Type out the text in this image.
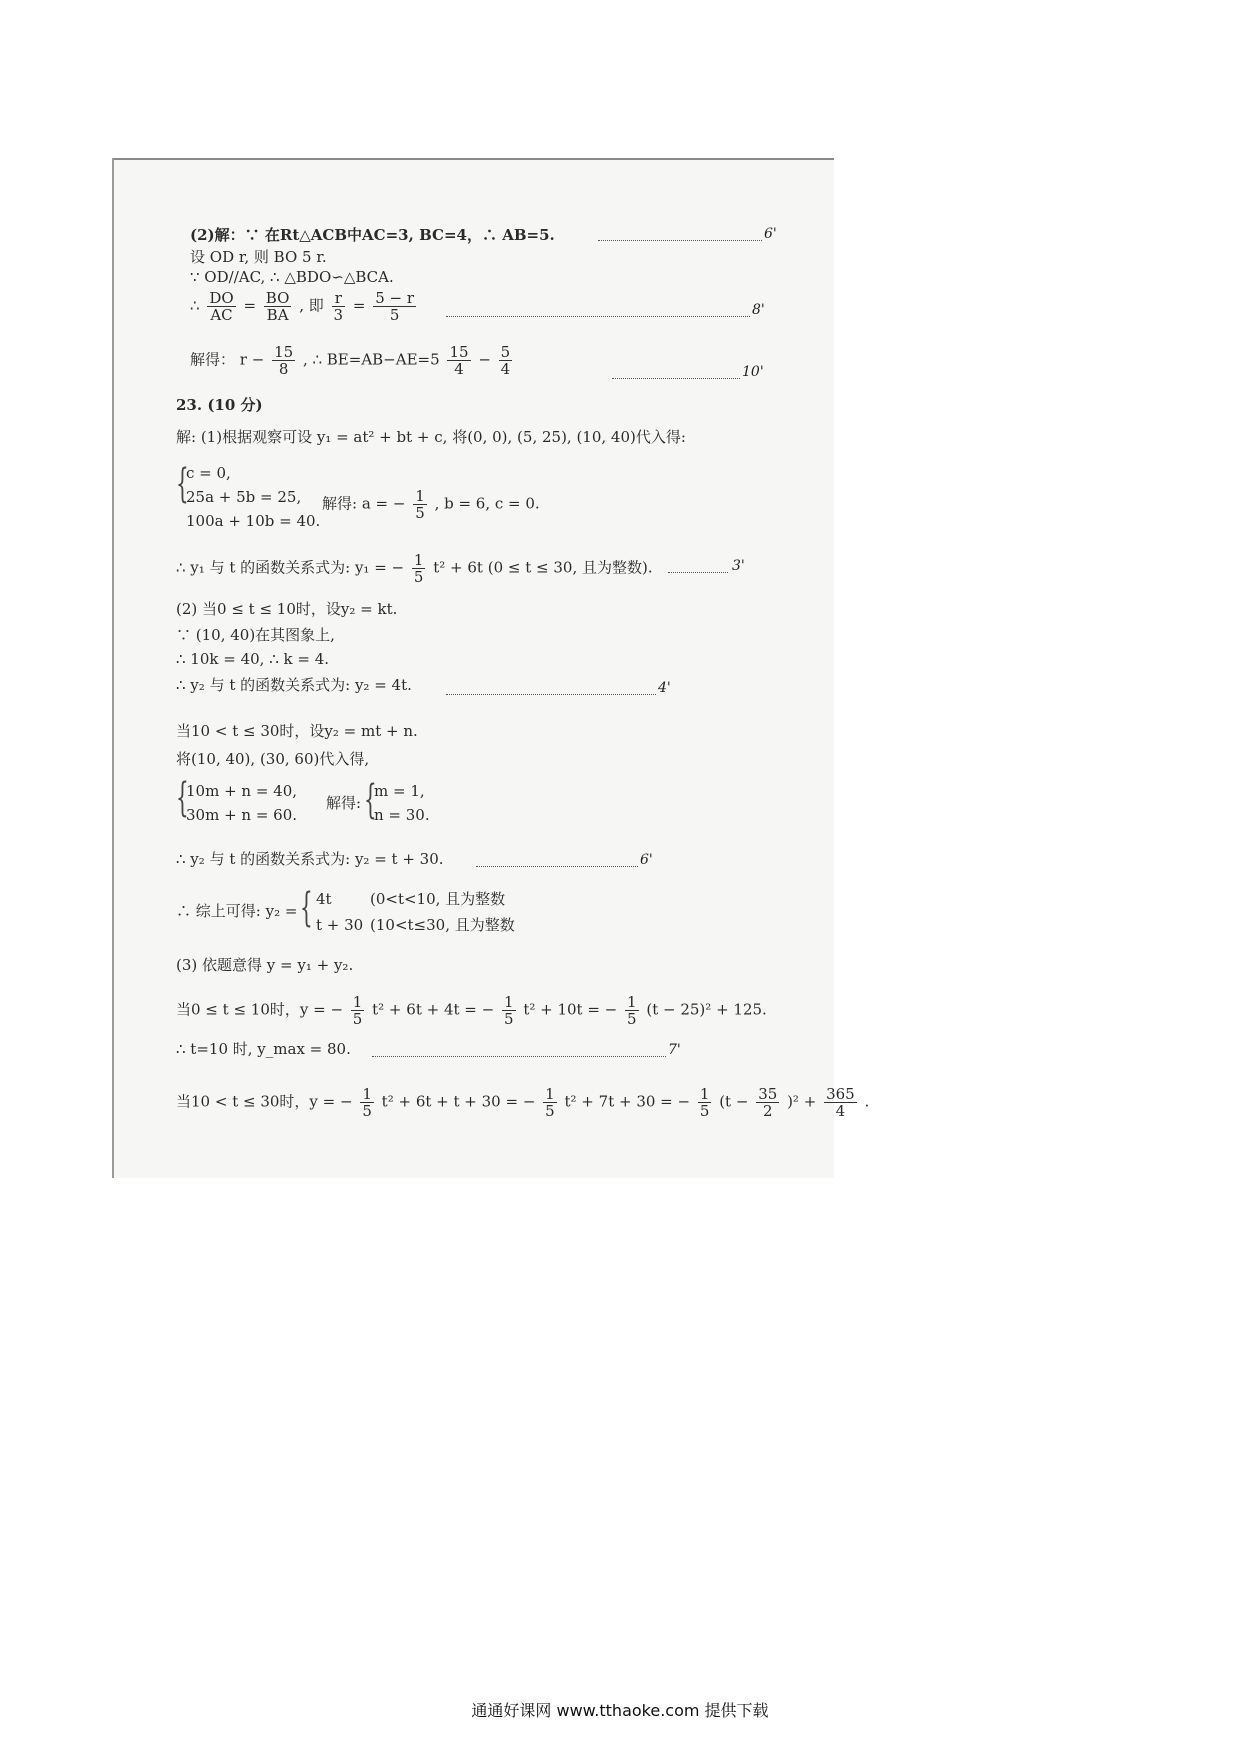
(2)解：∵ 在Rt△ACB中AC=3, BC=4，∴ AB=5.	6'
设 OD r, 则 BO 5 r.
∵ OD//AC, ∴ △BDO∽△BCA.
∴ $\frac{DO}{AC} = \frac{BO}{BA}$ , 即 $\frac{r}{3} = \frac{5 - r}{5}$	8'
解得： $r - \frac{15}{8}$ , ∴ $BE=AB-AE=5 \frac{15}{4} - \frac{5}{4}$	10'
23. (10 分)
解: (1)根据观察可设 y₁ = at² + bt + c, 将(0, 0), (5, 25), (10, 40)代入得:
{
c = 0,
25a + 5b = 25,
100a + 10b = 40.
解得: a = − $\frac{1}{5}$ , b = 6, c = 0.
∴ y₁ 与 t 的函数关系式为: y₁ = − $\frac{1}{5} t^2 + 6t$ (0 ≤ t ≤ 30, 且为整数).	3'
(2) 当0 ≤ t ≤ 10时，设y₂ = kt.
∵ (10, 40)在其图象上,
∴ 10k = 40, ∴ k = 4.
∴ y₂ 与 t 的函数关系式为: y₂ = 4t.	4'
当10 < t ≤ 30时，设y₂ = mt + n.
将(10, 40), (30, 60)代入得,
{
10m + n = 40,
30m + n = 60.
解得: {
m = 1,
n = 30.
∴ y₂ 与 t 的函数关系式为: y₂ = t + 30.	6'
∴ 综上可得: y₂ = { 4t	(0<t<10, 且为整数
t + 30 (10<t≤30, 且为整数
(3) 依题意得 y = y₁ + y₂.
当0 ≤ t ≤ 10时，y = − $\frac{1}{5} t^2 + 6t + 4t$ = − $\frac{1}{5} t^2 + 10t$ = − $\frac{1}{5} (t - 25)^2 + 125$.
∴ t=10 时, y_max = 80.	7'
当10 < t ≤ 30时，y = − $\frac{1}{5} t^2 + 6t + t + 30$ = − $\frac{1}{5} t^2 + 7t + 30$ = − $\frac{1}{5} (t - \frac{35}{2} )^2 + \frac{365}{4}$ .
通通好课网 www.tthaoke.com 提供下载
